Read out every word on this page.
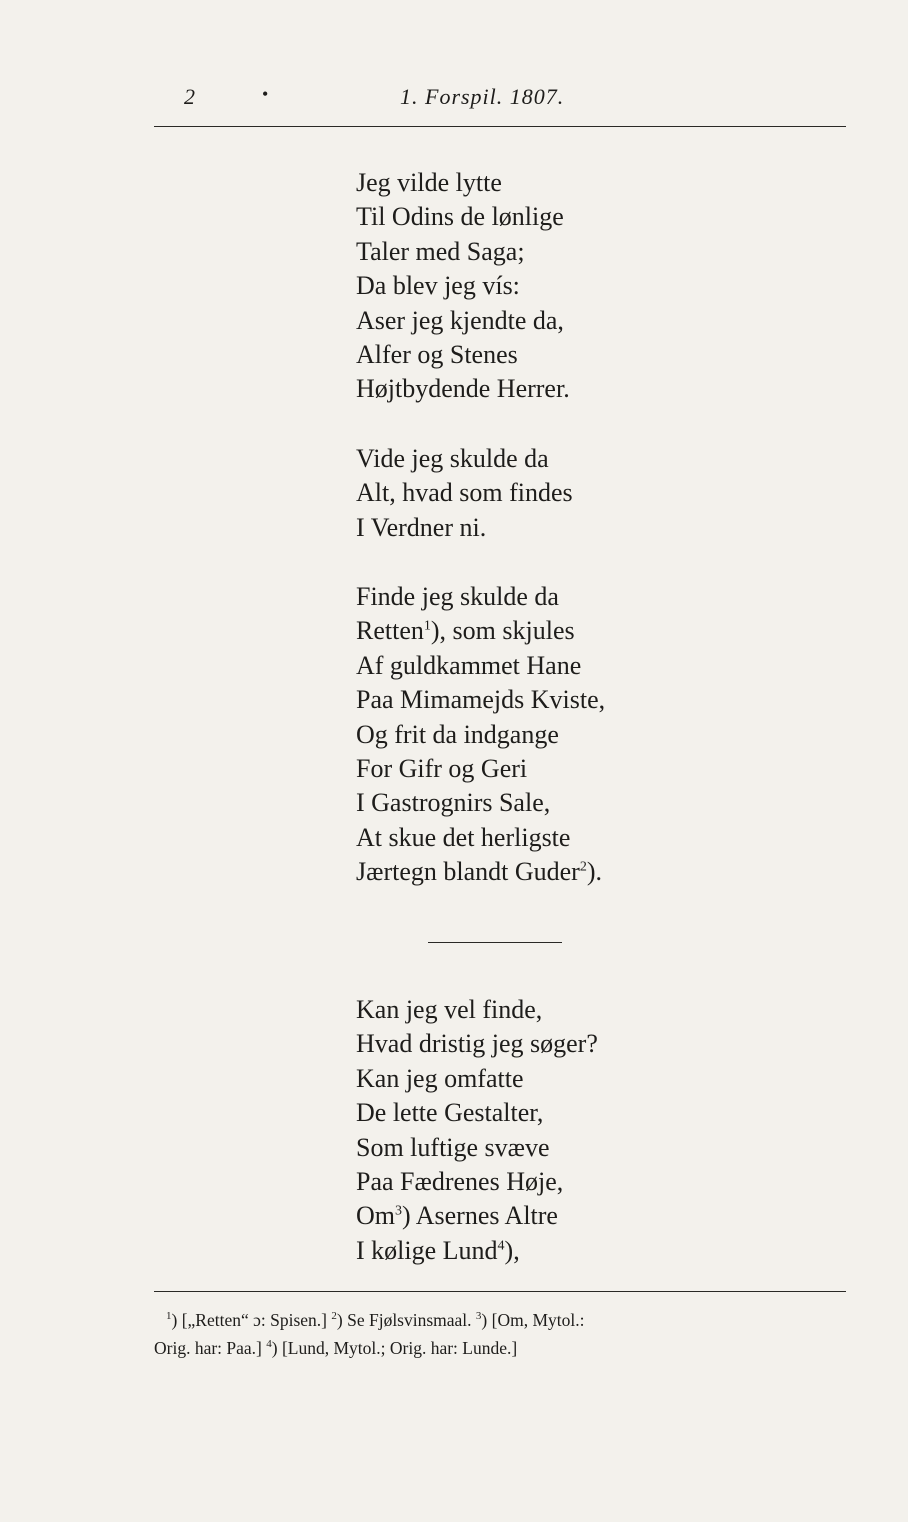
2	•	1. Forspil. 1807.
Jeg vilde lytte
Til Odins de lønlige
Taler med Saga;
Da blev jeg vís:
Aser jeg kjendte da,
Alfer og Stenes
Højtbydende Herrer.
Vide jeg skulde da
Alt, hvad som findes
I Verdner ni.
Finde jeg skulde da
Retten$^1$), som skjules
Af guldkammet Hane
Paa Mimamejds Kviste,
Og frit da indgange
For Gifr og Geri
I Gastrognirs Sale,
At skue det herligste
Jærtegn blandt Guder$^2$).
Kan jeg vel finde,
Hvad dristig jeg søger?
Kan jeg omfatte
De lette Gestalter,
Som luftige svæve
Paa Fædrenes Høje,
Om$^3$) Asernes Altre
I kølige Lund$^4$),
$^1$) [„Retten“ ɔ: Spisen.] $^2$) Se Fjølsvinsmaal. $^3$) [Om, Mytol.:
Orig. har: Paa.] $^4$) [Lund, Mytol.; Orig. har: Lunde.]
